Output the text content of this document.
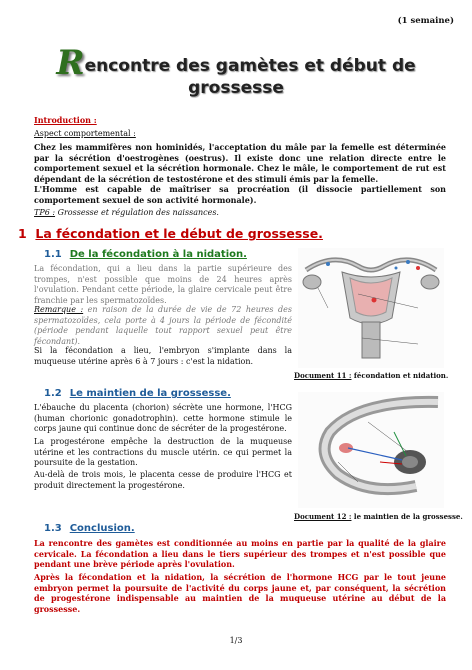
(1 semaine)
Rencontre des gamètes et début de
grossesse
Introduction :
Aspect comportemental :
Chez les mammifères non hominidés, l'acceptation du mâle par la femelle est déterminée par la sécrétion d'oestrogènes (oestrus). Il existe donc une relation directe entre le comportement sexuel et la sécrétion hormonale. Chez le mâle, le comportement de rut est dépendant de la sécrétion de testostérone et des stimuli émis par la femelle.
L'Homme est capable de maîtriser sa procréation (il dissocie partiellement son comportement sexuel de son activité hormonale).
TP6 : Grossesse et régulation des naissances.
1 La fécondation et le début de grossesse.
1.1 De la fécondation à la nidation.
La fécondation, qui a lieu dans la partie supérieure des trompes, n'est possible que moins de 24 heures après l'ovulation. Pendant cette période, la glaire cervicale peut être franchie par les spermatozoïdes.
Remarque : en raison de la durée de vie de 72 heures des spermatozoïdes, cela porte à 4 jours la période de fécondité (période pendant laquelle tout rapport sexuel peut être fécondant).
Si la fécondation a lieu, l'embryon s'implante dans la muqueuse utérine après 6 à 7 jours : c'est la nidation.
Document 11 : fécondation et nidation.
1.2 Le maintien de la grossesse.
L'ébauche du placenta (chorion) sécrète une hormone, l'HCG (human chorionic gonadotrophin). cette hormone stimule le corps jaune qui continue donc de sécréter de la progestérone.
La progestérone empêche la destruction de la muqueuse utérine et les contractions du muscle utérin. ce qui permet la poursuite de la gestation.
Au-delà de trois mois, le placenta cesse de produire l'HCG et produit directement la progestérone.
Document 12 : le maintien de la grossesse.
1.3 Conclusion.
La rencontre des gamètes est conditionnée au moins en partie par la qualité de la glaire cervicale. La fécondation a lieu dans le tiers supérieur des trompes et n'est possible que pendant une brève période après l'ovulation.
Après la fécondation et la nidation, la sécrétion de l'hormone HCG par le tout jeune embryon permet la poursuite de l'activité du corps jaune et, par conséquent, la sécrétion de progestérone indispensable au maintien de la muqueuse utérine au début de la grossesse.
1/3
